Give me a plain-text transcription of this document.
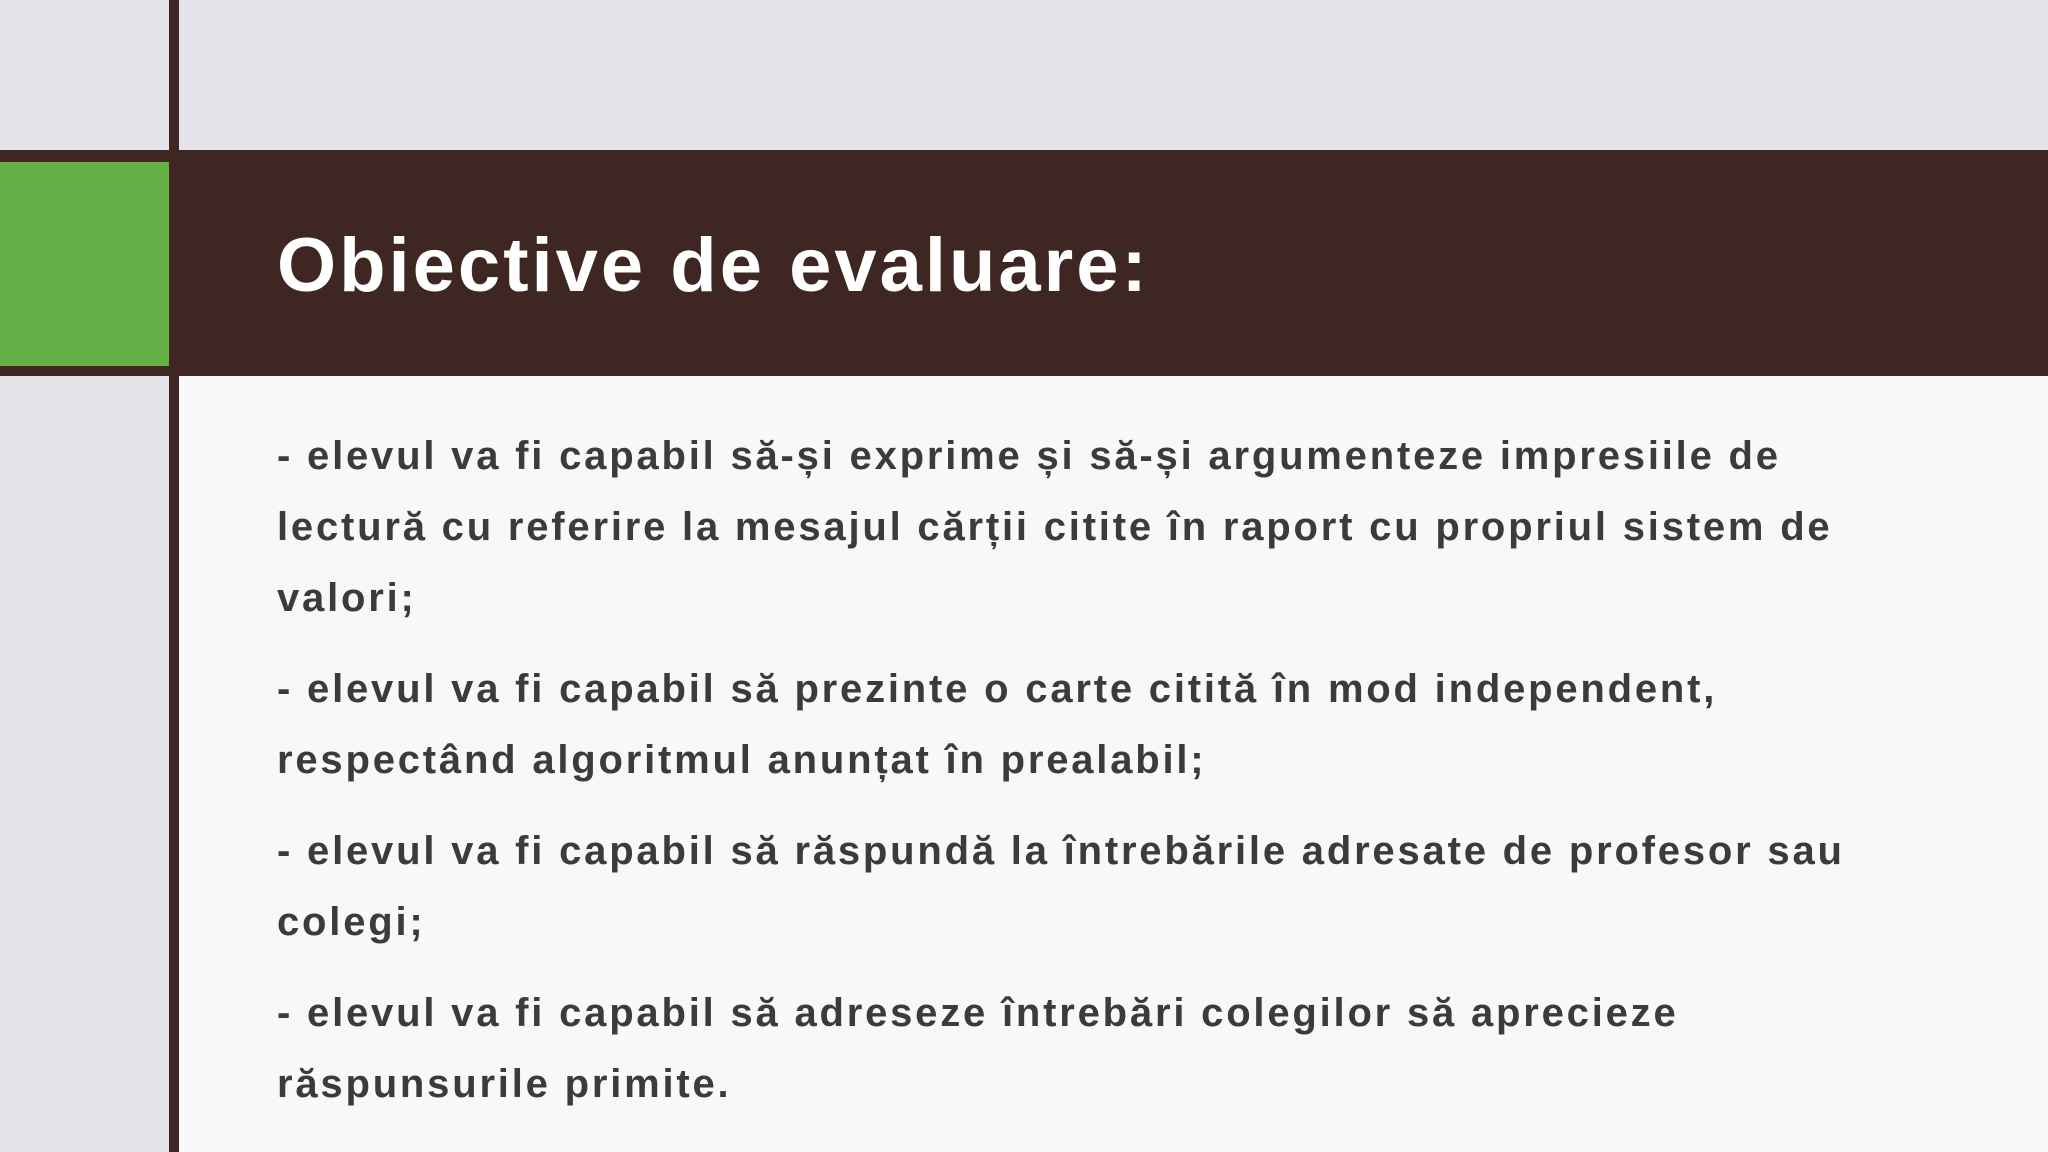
Obiective de evaluare:
- elevul va fi capabil să-și exprime și să-și argumenteze impresiile de lectură cu referire la mesajul cărții citite în raport cu propriul sistem de valori;
- elevul va fi capabil să prezinte o carte citită în mod independent, respectând algoritmul anunțat în prealabil;
- elevul va fi capabil să răspundă la întrebările adresate de profesor sau colegi;
- elevul va fi capabil să adreseze întrebări colegilor să aprecieze răspunsurile primite.
